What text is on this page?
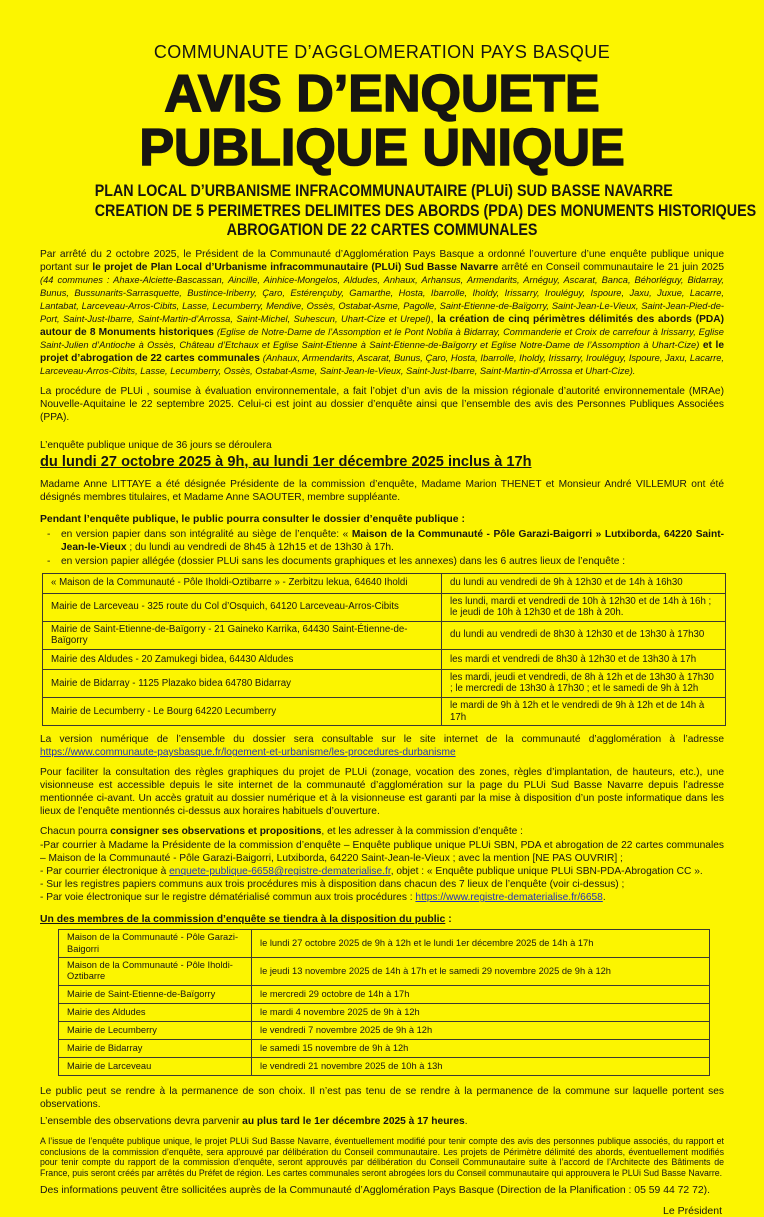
COMMUNAUTE D’AGGLOMERATION PAYS BASQUE
AVIS D’ENQUETE
PUBLIQUE UNIQUE
PLAN LOCAL D’URBANISME INFRACOMMUNAUTAIRE (PLUi) SUD BASSE NAVARRE
CREATION DE 5 PERIMETRES DELIMITES DES ABORDS (PDA) DES MONUMENTS HISTORIQUES
ABROGATION DE 22 CARTES COMMUNALES

Par arrêté du 2 octobre 2025, le Président de la Communauté d’Agglomération Pays Basque a ordonné l’ouverture d’une enquête publique unique portant sur le projet de Plan Local d’Urbanisme infracommunautaire (PLUi) Sud Basse Navarre arrêté en Conseil communautaire le 21 juin 2025 (44 communes : Ahaxe-Alciette-Bascassan, Aincille, Ainhice-Mongelos, Aldudes, Anhaux, Arhansus, Armendarits, Arnéguy, Ascarat, Banca, Béhorléguy, Bidarray, Bunus, Bussunarits-Sarrasquette, Bustince-Iriberry, Çaro, Estérençuby, Gamarthe, Hosta, Ibarrolle, Iholdy, Irissarry, Irouléguy, Ispoure, Jaxu, Juxue, Lacarre, Lantabat, Larceveau-Arros-Cibits, Lasse, Lecumberry, Mendive, Ossès, Ostabat-Asme, Pagolle, Saint-Etienne-de-Baïgorry, Saint-Jean-Le-Vieux, Saint-Jean-Pied-de-Port, Saint-Just-Ibarre, Saint-Martin-d’Arrossa, Saint-Michel, Suhescun, Uhart-Cize et Urepel), la création de cinq périmètres délimités des abords (PDA) autour de 8 Monuments historiques (Eglise de Notre-Dame de l’Assomption et le Pont Noblia à Bidarray, Commanderie et Croix de carrefour à Irissarry, Eglise Saint-Julien d’Antioche à Ossès, Château d’Etchaux et Eglise Saint-Etienne à Saint-Etienne-de-Baïgorry et Eglise Notre-Dame de l’Assomption à Uhart-Cize) et le projet d’abrogation de 22 cartes communales (Anhaux, Armendarits, Ascarat, Bunus, Çaro, Hosta, Ibarrolle, Iholdy, Irissarry, Irouléguy, Ispoure, Jaxu, Lacarre, Larceveau-Arros-Cibits, Lasse, Lecumberry, Ossès, Ostabat-Asme, Saint-Jean-le-Vieux, Saint-Just-Ibarre, Saint-Martin-d’Arrossa et Uhart-Cize).

La procédure de PLUi , soumise à évaluation environnementale, a fait l’objet d’un avis de la mission régionale d’autorité environnementale (MRAe) Nouvelle-Aquitaine le 22 septembre 2025. Celui-ci est joint au dossier d’enquête ainsi que l’ensemble des avis des Personnes Publiques Associées (PPA).

L’enquête publique unique de 36 jours se déroulera du lundi 27 octobre 2025 à 9h, au lundi 1er décembre 2025 inclus à 17h

Madame Anne LITTAYE a été désignée Présidente de la commission d’enquête, Madame Marion THENET et Monsieur André VILLEMUR ont été désignés membres titulaires, et Madame Anne SAOUTER, membre suppléante.

Pendant l’enquête publique, le public pourra consulter le dossier d’enquête publique :
- en version papier dans son intégralité au siège de l’enquête: « Maison de la Communauté - Pôle Garazi-Baigorri » Lutxiborda, 64220 Saint-Jean-le-Vieux ; du lundi au vendredi de 8h45 à 12h15 et de 13h30 à 17h.
- en version papier allégée (dossier PLUi sans les documents graphiques et les annexes) dans les 6 autres lieux de l’enquête :
« Maison de la Communauté - Pôle Iholdi-Oztibarre » - Zerbitzu lekua, 64640 Iholdi	du lundi au vendredi de 9h à 12h30 et de 14h à 16h30
Mairie de Larceveau - 325 route du Col d’Osquich, 64120 Larceveau-Arros-Cibits	les lundi, mardi et vendredi de 10h à 12h30 et de 14h à 16h ; le jeudi de 10h à 12h30 et de 18h à 20h.
Mairie de Saint-Etienne-de-Baïgorry - 21 Gaineko Karrika, 64430 Saint-Étienne-de-Baïgorry	du lundi au vendredi de 8h30 à 12h30 et de 13h30 à 17h30
Mairie des Aldudes - 20 Zamukegi bidea, 64430 Aldudes	les mardi et vendredi de 8h30 à 12h30 et de 13h30 à 17h
Mairie de Bidarray - 1125 Plazako bidea 64780 Bidarray	les mardi, jeudi et vendredi, de 8h à 12h et de 13h30 à 17h30 ; le mercredi de 13h30 à 17h30 ; et le samedi de 9h à 12h
Mairie de Lecumberry - Le Bourg 64220 Lecumberry	le mardi de 9h à 12h et le vendredi de 9h à 12h et de 14h à 17h

La version numérique de l’ensemble du dossier sera consultable sur le site internet de la communauté d’agglomération à l’adresse https://www.communaute-paysbasque.fr/logement-et-urbanisme/les-procedures-durbanisme

Pour faciliter la consultation des règles graphiques du projet de PLUi (zonage, vocation des zones, règles d’implantation, de hauteurs, etc.), une visionneuse est accessible depuis le site internet de la communauté d’agglomération sur la page du PLUi Sud Basse Navarre depuis l’adresse mentionnée ci-avant. Un accès gratuit au dossier numérique et à la visionneuse est garanti par la mise à disposition d’un poste informatique dans les lieux de l’enquête mentionnés ci-dessus aux horaires habituels d’ouverture.

Chacun pourra consigner ses observations et propositions, et les adresser à la commission d’enquête :

-Par courrier à Madame la Présidente de la commission d’enquête – Enquête publique unique PLUi SBN, PDA et abrogation de 22 cartes communales – Maison de la Communauté - Pôle Garazi-Baigorri, Lutxiborda, 64220 Saint-Jean-le-Vieux ; avec la mention [NE PAS OUVRIR] ;
- Par courrier électronique à enquete-publique-6658@registre-dematerialise.fr, objet : « Enquête publique unique PLUi SBN-PDA-Abrogation CC ».
- Sur les registres papiers communs aux trois procédures mis à disposition dans chacun des 7 lieux de l’enquête (voir ci-dessus) ;
- Par voie électronique sur le registre dématérialisé commun aux trois procédures : https://www.registre-dematerialise.fr/6658.
Un des membres de la commission d’enquête se tiendra à la disposition du public :
Maison de la Communauté - Pôle Garazi-Baigorri	le lundi 27 octobre 2025 de 9h à 12h et le lundi 1er décembre 2025 de 14h à 17h
Maison de la Communauté - Pôle Iholdi-Oztibarre	le jeudi 13 novembre 2025 de 14h à 17h et le samedi 29 novembre 2025 de 9h à 12h
Mairie de Saint-Etienne-de-Baïgorry	le mercredi 29 octobre de 14h à 17h
Mairie des Aldudes	le mardi 4 novembre 2025 de 9h à 12h
Mairie de Lecumberry	le vendredi 7 novembre 2025 de 9h à 12h
Mairie de Bidarray	le samedi 15 novembre de 9h à 12h
Mairie de Larceveau	le vendredi 21 novembre 2025 de 10h à 13h

Le public peut se rendre à la permanence de son choix. Il n’est pas tenu de se rendre à la permanence de la commune sur laquelle portent ses observations.

L’ensemble des observations devra parvenir au plus tard le 1er décembre 2025 à 17 heures.

A l’issue de l’enquête publique unique, le projet PLUi Sud Basse Navarre, éventuellement modifié pour tenir compte des avis des personnes publique associés, du rapport et conclusions de la commission d’enquête, sera approuvé par délibération du Conseil communautaire. Les projets de Périmètre délimité des abords, éventuellement modifiés pour tenir compte du rapport de la commission d’enquête, seront approuvés par délibération du Conseil Communautaire suite à l’accord de l’Architecte des Bâtiments de France, puis seront créés par arrêtés du Préfet de région. Les cartes communales seront abrogées lors du Conseil communautaire qui approuvera le PLUi Sud Basse Navarre.

Des informations peuvent être sollicitées auprès de la Communauté d’Agglomération Pays Basque (Direction de la Planification : 05 59 44 72 72).

Le Président
